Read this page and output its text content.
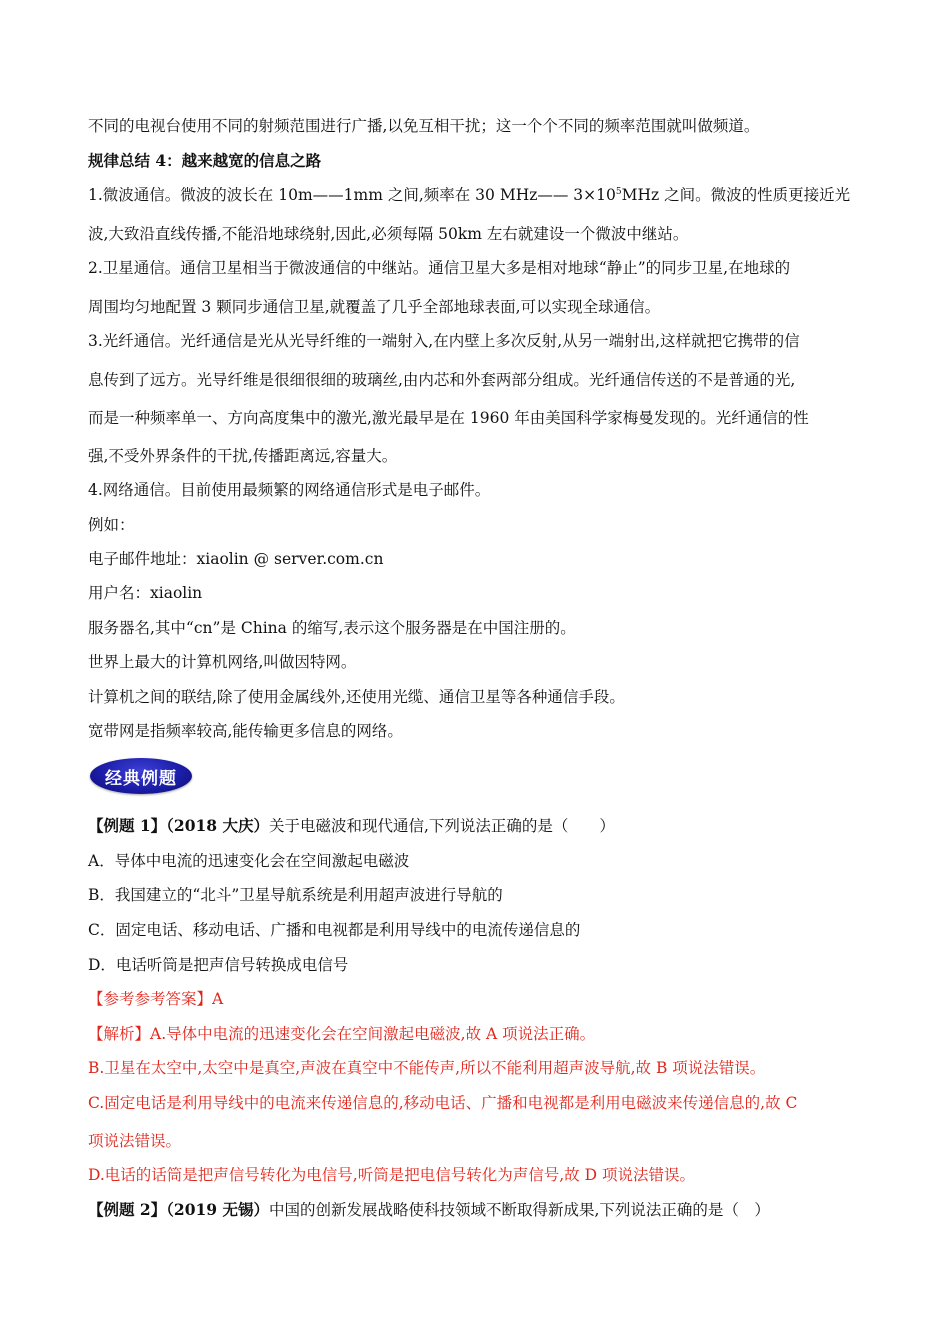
不同的电视台使用不同的射频范围进行广播,以免互相干扰；这一个个不同的频率范围就叫做频道。
规律总结 4：越来越宽的信息之路
1.微波通信。微波的波长在 10m——1mm 之间,频率在 30 MHz—— $3\times 10^5MHz$ 之间。微波的性质更接近光
波,大致沿直线传播,不能沿地球绕射,因此,必须每隔 50km 左右就建设一个微波中继站。
2.卫星通信。通信卫星相当于微波通信的中继站。通信卫星大多是相对地球“静止”的同步卫星,在地球的
周围均匀地配置 3 颗同步通信卫星,就覆盖了几乎全部地球表面,可以实现全球通信。
3.光纤通信。光纤通信是光从光导纤维的一端射入,在内壁上多次反射,从另一端射出,这样就把它携带的信
息传到了远方。光导纤维是很细很细的玻璃丝,由内芯和外套两部分组成。光纤通信传送的不是普通的光,
而是一种频率单一、方向高度集中的激光,激光最早是在 1960 年由美国科学家梅曼发现的。光纤通信的性
强,不受外界条件的干扰,传播距离远,容量大。
4.网络通信。目前使用最频繁的网络通信形式是电子邮件。
例如：
电子邮件地址：xiaolin @ server.com.cn
用户名：xiaolin
服务器名,其中“cn”是 China 的缩写,表示这个服务器是在中国注册的。
世界上最大的计算机网络,叫做因特网。
计算机之间的联结,除了使用金属线外,还使用光缆、通信卫星等各种通信手段。
宽带网是指频率较高,能传输更多信息的网络。
经典例题
【例题 1】（2018 大庆）关于电磁波和现代通信,下列说法正确的是（　　）
A．导体中电流的迅速变化会在空间激起电磁波
B．我国建立的“北斗”卫星导航系统是利用超声波进行导航的
C．固定电话、移动电话、广播和电视都是利用导线中的电流传递信息的
D．电话听筒是把声信号转换成电信号
【参考参考答案】A
【解析】A.导体中电流的迅速变化会在空间激起电磁波,故 A 项说法正确。
B.卫星在太空中,太空中是真空,声波在真空中不能传声,所以不能利用超声波导航,故 B 项说法错误。
C.固定电话是利用导线中的电流来传递信息的,移动电话、广播和电视都是利用电磁波来传递信息的,故 C
项说法错误。
D.电话的话筒是把声信号转化为电信号,听筒是把电信号转化为声信号,故 D 项说法错误。
【例题 2】（2019 无锡）中国的创新发展战略使科技领域不断取得新成果,下列说法正确的是（　）
